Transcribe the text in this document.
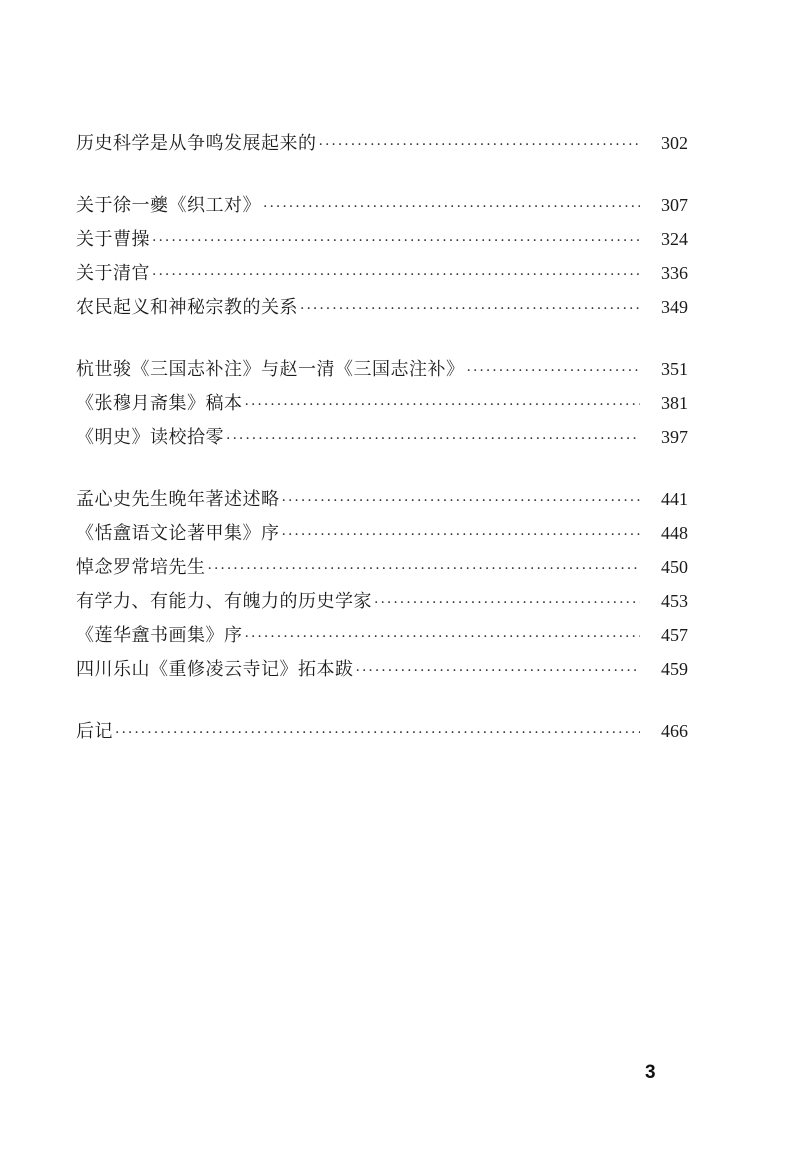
历史科学是从争鸣发展起来的 ·····	302
关于徐一夔《织工对》 ·····	307
关于曹操 ·····	324
关于清官 ·····	336
农民起义和神秘宗教的关系 ·····	349
杭世骏《三国志补注》与赵一清《三国志注补》 ·····	351
《张穆月斋集》稿本 ·····	381
《明史》读校拾零 ·····	397
孟心史先生晚年著述述略 ·····	441
《恬盦语文论著甲集》序 ·····	448
悼念罗常培先生 ·····	450
有学力、有能力、有魄力的历史学家 ·····	453
《莲华盦书画集》序 ·····	457
四川乐山《重修凌云寺记》拓本跋 ·····	459
后记 ·····	466
3
